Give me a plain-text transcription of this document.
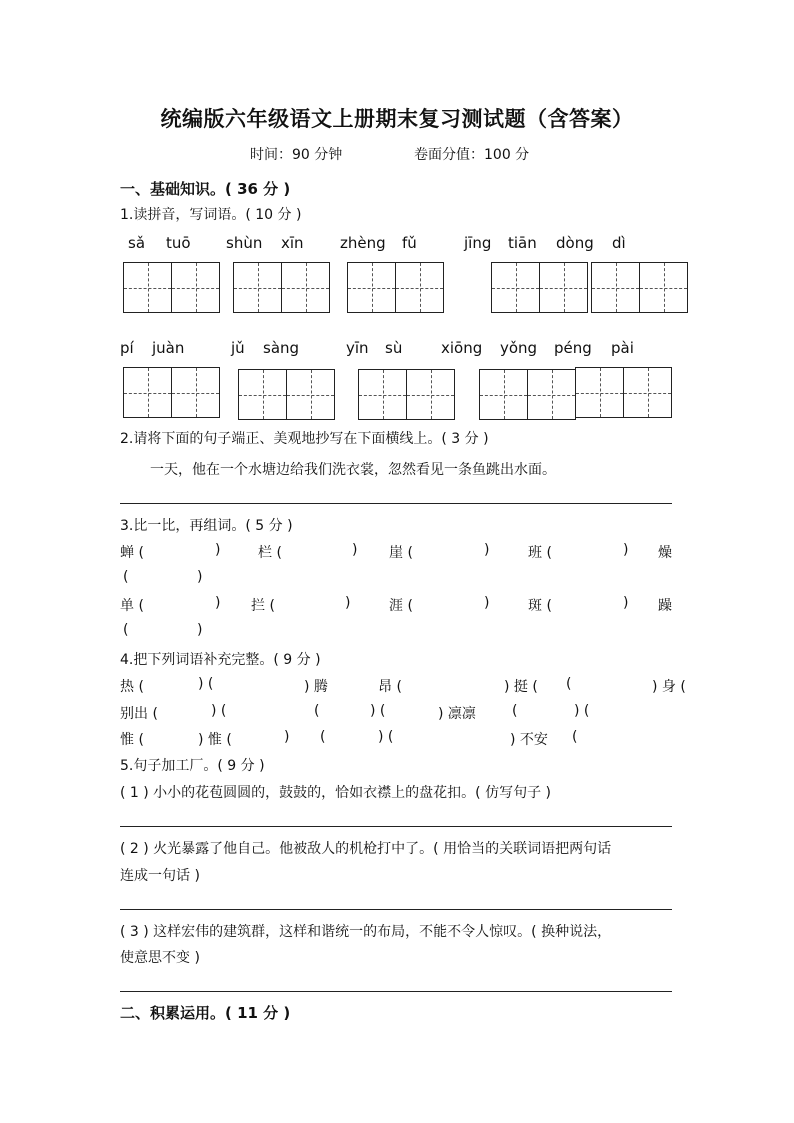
统编版六年级语文上册期末复习测试题（含答案）
时间：90 分钟	卷面分值：100 分
一、基础知识。( 36 分 )
1.读拼音，写词语。( 10 分 )
sǎ tuō shùn xīn zhèng fǔ	jīng tiān dòng dì
pí juàn	jǔ sàng	yīn sù	xiōng yǒng péng pài
2.请将下面的句子端正、美观地抄写在下面横线上。( 3 分 )
一天，他在一个水塘边给我们洗衣裳，忽然看见一条鱼跳出水面。
3.比一比，再组词。( 5 分 )
蝉 (	)	栏 (	) 崖 (	)	班 (	) 燥
(	)
单 (	) 拦 (	)	涯 (	)	斑 (	) 躁
(	)
4.把下列词语补充完整。( 9 分 )
热 (	) (	) 腾	昂 (	) 挺 ( (	) 身 (
别出 (	) (	(	) (	) 凛凛	(	) (
惟 (	) 惟 (	) (	) (	) 不安 (
5.句子加工厂。( 9 分 )
( 1 ) 小小的花苞圆圆的，鼓鼓的，恰如衣襟上的盘花扣。( 仿写句子 )
( 2 ) 火光暴露了他自己。他被敌人的机枪打中了。( 用恰当的关联词语把两句话
连成一句话 )
( 3 ) 这样宏伟的建筑群，这样和谐统一的布局，不能不令人惊叹。( 换种说法，
使意思不变 )
二、积累运用。( 11 分 )
